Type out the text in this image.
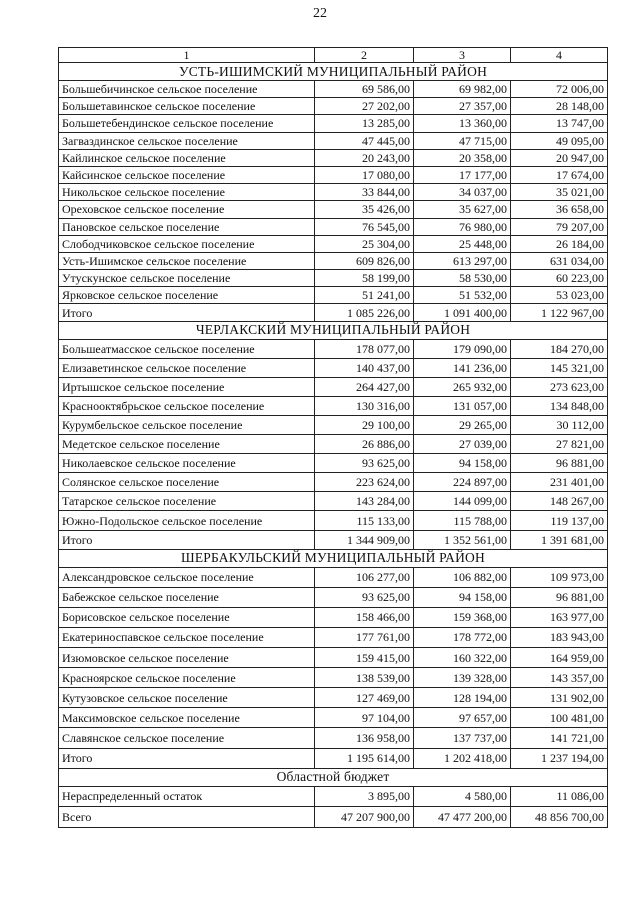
22
1	2	3	4
УСТЬ-ИШИМСКИЙ МУНИЦИПАЛЬНЫЙ РАЙОН			
Большебичинское сельское поселение	69 586,00	69 982,00	72 006,00
Большетавинское сельское поселение	27 202,00	27 357,00	28 148,00
Большетебендинское сельское поселение	13 285,00	13 360,00	13 747,00
Загваздинское сельское поселение	47 445,00	47 715,00	49 095,00
Кайлинское сельское поселение	20 243,00	20 358,00	20 947,00
Кайсинское сельское поселение	17 080,00	17 177,00	17 674,00
Никольское сельское поселение	33 844,00	34 037,00	35 021,00
Ореховское сельское поселение	35 426,00	35 627,00	36 658,00
Пановское сельское поселение	76 545,00	76 980,00	79 207,00
Слободчиковское сельское поселение	25 304,00	25 448,00	26 184,00
Усть-Ишимское сельское поселение	609 826,00	613 297,00	631 034,00
Утускунское сельское поселение	58 199,00	58 530,00	60 223,00
Ярковское сельское поселение	51 241,00	51 532,00	53 023,00
Итого	1 085 226,00	1 091 400,00	1 122 967,00
ЧЕРЛАКСКИЙ МУНИЦИПАЛЬНЫЙ РАЙОН			
Большеатмасское сельское поселение	178 077,00	179 090,00	184 270,00
Елизаветинское сельское поселение	140 437,00	141 236,00	145 321,00
Иртышское сельское поселение	264 427,00	265 932,00	273 623,00
Краснооктябрьское сельское поселение	130 316,00	131 057,00	134 848,00
Курумбельское сельское поселение	29 100,00	29 265,00	30 112,00
Медетское сельское поселение	26 886,00	27 039,00	27 821,00
Николаевское сельское поселение	93 625,00	94 158,00	96 881,00
Солянское сельское поселение	223 624,00	224 897,00	231 401,00
Татарское сельское поселение	143 284,00	144 099,00	148 267,00
Южно-Подольское сельское поселение	115 133,00	115 788,00	119 137,00
Итого	1 344 909,00	1 352 561,00	1 391 681,00
ШЕРБАКУЛЬСКИЙ МУНИЦИПАЛЬНЫЙ РАЙОН			
Александровское сельское поселение	106 277,00	106 882,00	109 973,00
Бабежское сельское поселение	93 625,00	94 158,00	96 881,00
Борисовское сельское поселение	158 466,00	159 368,00	163 977,00
Екатериноспавское сельское поселение	177 761,00	178 772,00	183 943,00
Изюмовское сельское поселение	159 415,00	160 322,00	164 959,00
Красноярское сельское поселение	138 539,00	139 328,00	143 357,00
Кутузовское сельское поселение	127 469,00	128 194,00	131 902,00
Максимовское сельское поселение	97 104,00	97 657,00	100 481,00
Славянское сельское поселение	136 958,00	137 737,00	141 721,00
Итого	1 195 614,00	1 202 418,00	1 237 194,00
Областной бюджет			
Нераспределенный остаток	3 895,00	4 580,00	11 086,00
Всего	47 207 900,00	47 477 200,00	48 856 700,00
